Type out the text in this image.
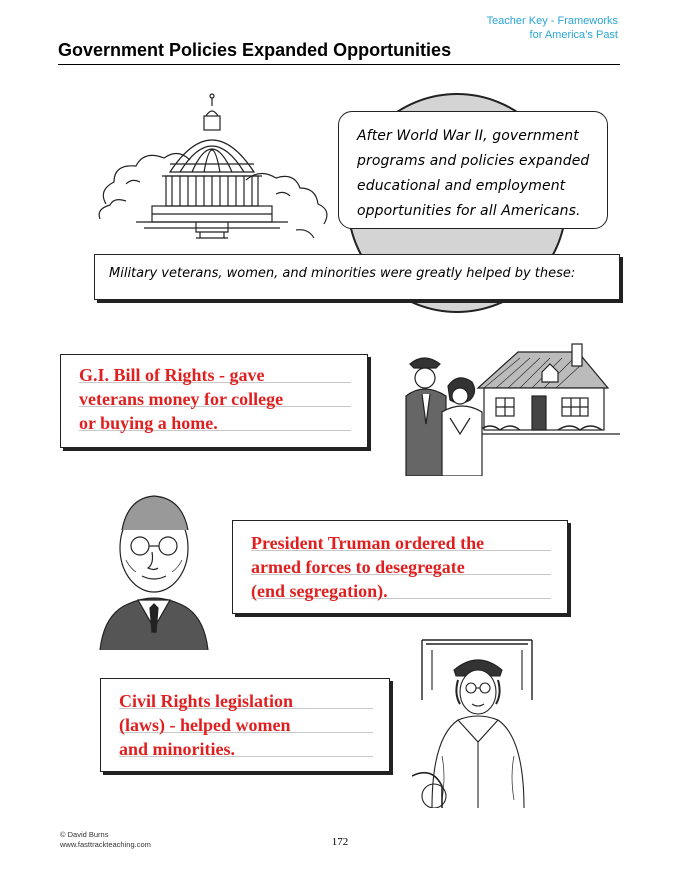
Teacher Key - Frameworks
for America’s Past
Government Policies Expanded Opportunities
After World War II, government
programs and policies expanded
educational and employment
opportunities for all Americans.
Military veterans, women, and minorities were greatly helped by these:
G.I. Bill of Rights - gave
veterans money for college
or buying a home.
President Truman ordered the
armed forces to desegregate
(end segregation).
Civil Rights legislation
(laws) - helped women
and minorities.
© David Burns
www.fasttrackteaching.com	172
